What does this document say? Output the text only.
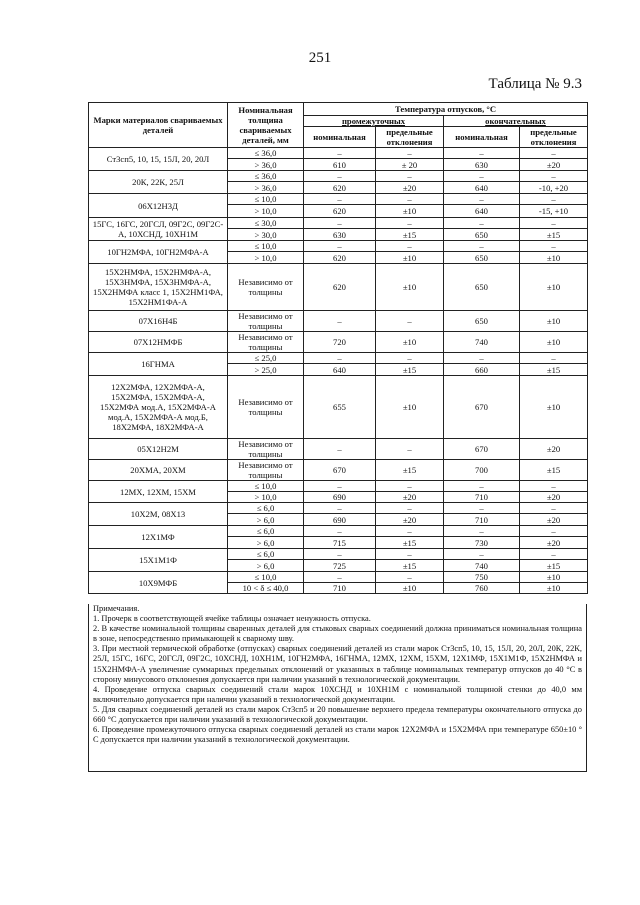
251
Таблица № 9.3
Марки материалов свариваемых деталей	Номинальная толщина свариваемых деталей, мм	Температура отпусков, °С			
		промежуточных		окончательных	
		номинальная	предельные отклонения	номинальная	предельные отклонения
Ст3сп5, 10, 15, 15Л, 20, 20Л	≤ 36,0	–	–	–	–
	> 36,0	610	± 20	630	±20
20К, 22К, 25Л	≤ 36,0	–	–	–	–
	> 36,0	620	±20	640	-10, +20
06Х12Н3Д	≤ 10,0	–	–	–	–
	> 10,0	620	±10	640	-15, +10
15ГС, 16ГС, 20ГСЛ, 09Г2С, 09Г2С-А, 10ХСНД, 10ХН1М	≤ 30,0	–	–	–	–
	> 30,0	630	±15	650	±15
10ГН2МФА, 10ГН2МФА-А	≤ 10,0	–	–	–	–
	> 10,0	620	±10	650	±10
15Х2НМФА, 15Х2НМФА-А, 15Х3НМФА, 15Х3НМФА-А, 15Х2НМФА класс 1, 15Х2НМ1ФА, 15Х2НМ1ФА-А	Независимо от толщины	620	±10	650	±10
07Х16Н4Б	Независимо от толщины	–	–	650	±10
07Х12НМФБ	Независимо от толщины	720	±10	740	±10
16ГНМА	≤ 25,0	–	–	–	–
	> 25,0	640	±15	660	±15
12Х2МФА, 12Х2МФА-А, 15Х2МФА, 15Х2МФА-А, 15Х2МФА мод.А, 15Х2МФА-А мод.А, 15Х2МФА-А мод.Б, 18Х2МФА, 18Х2МФА-А	Независимо от толщины	655	±10	670	±10
05Х12Н2М	Независимо от толщины	–	–	670	±20
20ХМА, 20ХМ	Независимо от толщины	670	±15	700	±15
12МХ, 12ХМ, 15ХМ	≤ 10,0	–	–	–	–
	> 10,0	690	±20	710	±20
10Х2М, 08Х13	≤ 6,0	–	–	–	–
	> 6,0	690	±20	710	±20
12Х1МФ	≤ 6,0	–	–	–	–
	> 6,0	715	±15	730	±20
15Х1М1Ф	≤ 6,0	–	–	–	–
	> 6,0	725	±15	740	±15
10Х9МФБ	≤ 10,0	–	–	750	±10
	10 < δ ≤ 40,0	710	±10	760	±10

Примечания.

1. Прочерк в соответствующей ячейке таблицы означает ненужность отпуска.

2. В качестве номинальной толщины сваренных деталей для стыковых сварных соединений должна приниматься номинальная толщина в зоне, непосредственно примыкающей к сварному шву.

3. При местной термической обработке (отпусках) сварных соединений деталей из стали марок Ст3сп5, 10, 15, 15Л, 20, 20Л, 20К, 22К, 25Л, 15ГС, 16ГС, 20ГСЛ, 09Г2С, 10ХСНД, 10ХН1М, 10ГН2МФА, 16ГНМА, 12МХ, 12ХМ, 15ХМ, 12Х1МФ, 15Х1М1Ф, 15Х2НМФА и 15Х2НМФА-А увеличение суммарных предельных отклонений от указанных в таблице номинальных температур отпусков до 40 °С в сторону минусового отклонения допускается при наличии указаний в технологической документации.

4. Проведение отпуска сварных соединений стали марок 10ХСНД и 10ХН1М с номинальной толщиной стенки до 40,0 мм включительно допускается при наличии указаний в технологической документации.

5. Для сварных соединений деталей из стали марок Ст3сп5 и 20 повышение верхнего предела температуры окончательного отпуска до 660 °С допускается при наличии указаний в технологической документации.

6. Проведение промежуточного отпуска сварных соединений деталей из стали марок 12Х2МФА и 15Х2МФА при температуре 650±10 ° С допускается при наличии указаний в технологической документации.
